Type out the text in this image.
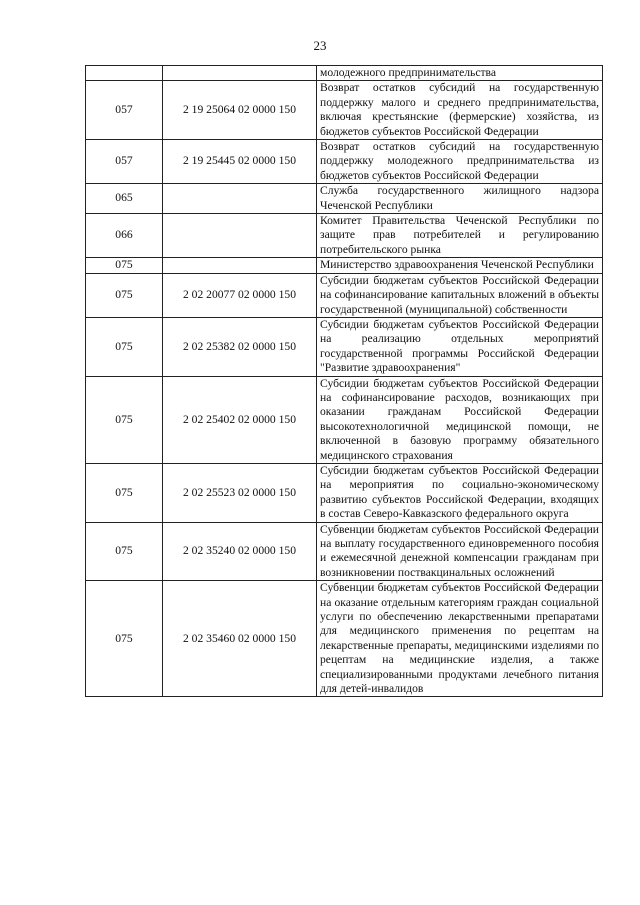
23
		молодежного предпринимательства
057	2 19 25064 02 0000 150	Возврат остатков субсидий на государственную поддержку малого и среднего предпринимательства, включая крестьянские (фермерские) хозяйства, из бюджетов субъектов Российской Федерации
057	2 19 25445 02 0000 150	Возврат остатков субсидий на государственную поддержку молодежного предпринимательства из бюджетов субъектов Российской Федерации
065		Служба государственного жилищного надзора Чеченской Республики
066		Комитет Правительства Чеченской Республики по защите прав потребителей и регулированию потребительского рынка
075		Министерство здравоохранения Чеченской Республики
075	2 02 20077 02 0000 150	Субсидии бюджетам субъектов Российской Федерации на софинансирование капитальных вложений в объекты государственной (муниципальной) собственности
075	2 02 25382 02 0000 150	Субсидии бюджетам субъектов Российской Федерации на реализацию отдельных мероприятий государственной программы Российской Федерации "Развитие здравоохранения"
075	2 02 25402 02 0000 150	Субсидии бюджетам субъектов Российской Федерации на софинансирование расходов, возникающих при оказании гражданам Российской Федерации высокотехнологичной медицинской помощи, не включенной в базовую программу обязательного медицинского страхования
075	2 02 25523 02 0000 150	Субсидии бюджетам субъектов Российской Федерации на мероприятия по социально-экономическому развитию субъектов Российской Федерации, входящих в состав Северо-Кавказского федерального округа
075	2 02 35240 02 0000 150	Субвенции бюджетам субъектов Российской Федерации на выплату государственного единовременного пособия и ежемесячной денежной компенсации гражданам при возникновении поствакцинальных осложнений
075	2 02 35460 02 0000 150	Субвенции бюджетам субъектов Российской Федерации на оказание отдельным категориям граждан социальной услуги по обеспечению лекарственными препаратами для медицинского применения по рецептам на лекарственные препараты, медицинскими изделиями по рецептам на медицинские изделия, а также специализированными продуктами лечебного питания для детей-инвалидов
